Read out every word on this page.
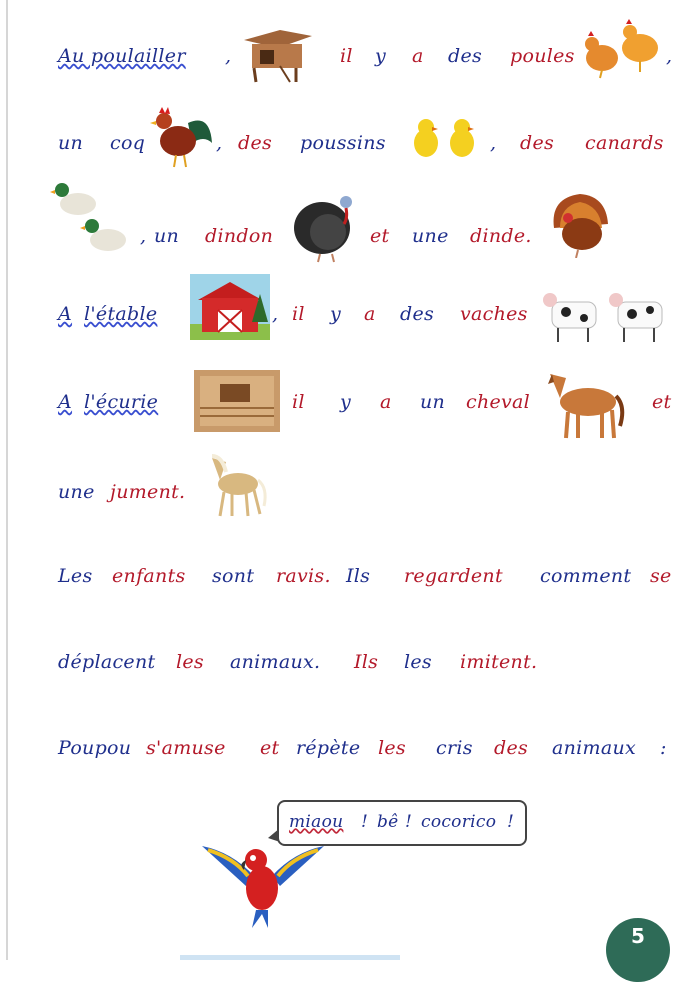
Au poulailler ,	il y a des poules	,
un coq	, des poussins	, des canards
, un dindon	et une dinde.
A l'étable	, il y a des vaches
A l'écurie	il y a un cheval	et
une jument.
Les enfants sont ravis. Ils regardent comment se
déplacent les animaux. Ils les imitent.
Poupou s'amuse et répète les cris des animaux :
miaou ! bê ! cocorico !
5
